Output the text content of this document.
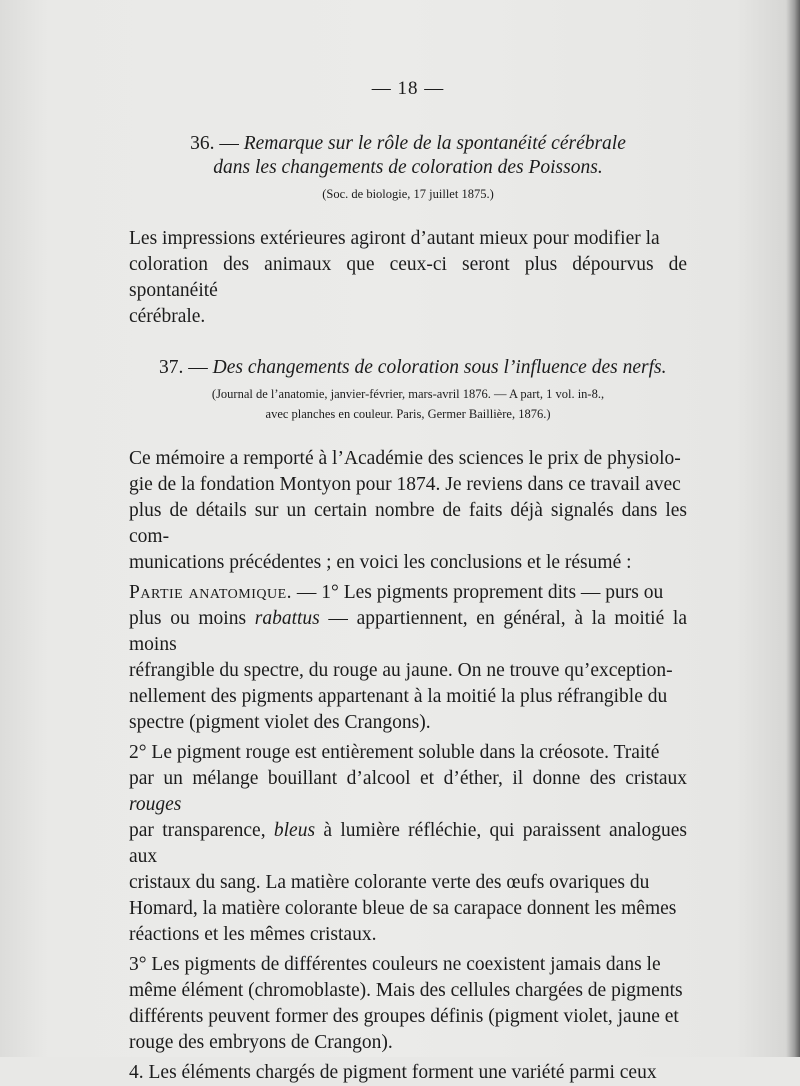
— 18 —
36. — Remarque sur le rôle de la spontanéité cérébrale
dans les changements de coloration des Poissons.
(Soc. de biologie, 17 juillet 1875.)
Les impressions extérieures agiront d’autant mieux pour modifier la
coloration des animaux que ceux-ci seront plus dépourvus de spontanéité
cérébrale.
37. — Des changements de coloration sous l’influence des nerfs.
(Journal de l’anatomie, janvier-février, mars-avril 1876. — A part, 1 vol. in-8.,
avec planches en couleur. Paris, Germer Baillière, 1876.)
Ce mémoire a remporté à l’Académie des sciences le prix de physiolo-
gie de la fondation Montyon pour 1874. Je reviens dans ce travail avec
plus de détails sur un certain nombre de faits déjà signalés dans les com-
munications précédentes ; en voici les conclusions et le résumé :
Partie anatomique. — 1° Les pigments proprement dits — purs ou
plus ou moins rabattus — appartiennent, en général, à la moitié la moins
réfrangible du spectre, du rouge au jaune. On ne trouve qu’exception-
nellement des pigments appartenant à la moitié la plus réfrangible du
spectre (pigment violet des Crangons).
2° Le pigment rouge est entièrement soluble dans la créosote. Traité
par un mélange bouillant d’alcool et d’éther, il donne des cristaux rouges
par transparence, bleus à lumière réfléchie, qui paraissent analogues aux
cristaux du sang. La matière colorante verte des œufs ovariques du
Homard, la matière colorante bleue de sa carapace donnent les mêmes
réactions et les mêmes cristaux.
3° Les pigments de différentes couleurs ne coexistent jamais dans le
même élément (chromoblaste). Mais des cellules chargées de pigments
différents peuvent former des groupes définis (pigment violet, jaune et
rouge des embryons de Crangon).
4. Les éléments chargés de pigment forment une variété parmi ceux
